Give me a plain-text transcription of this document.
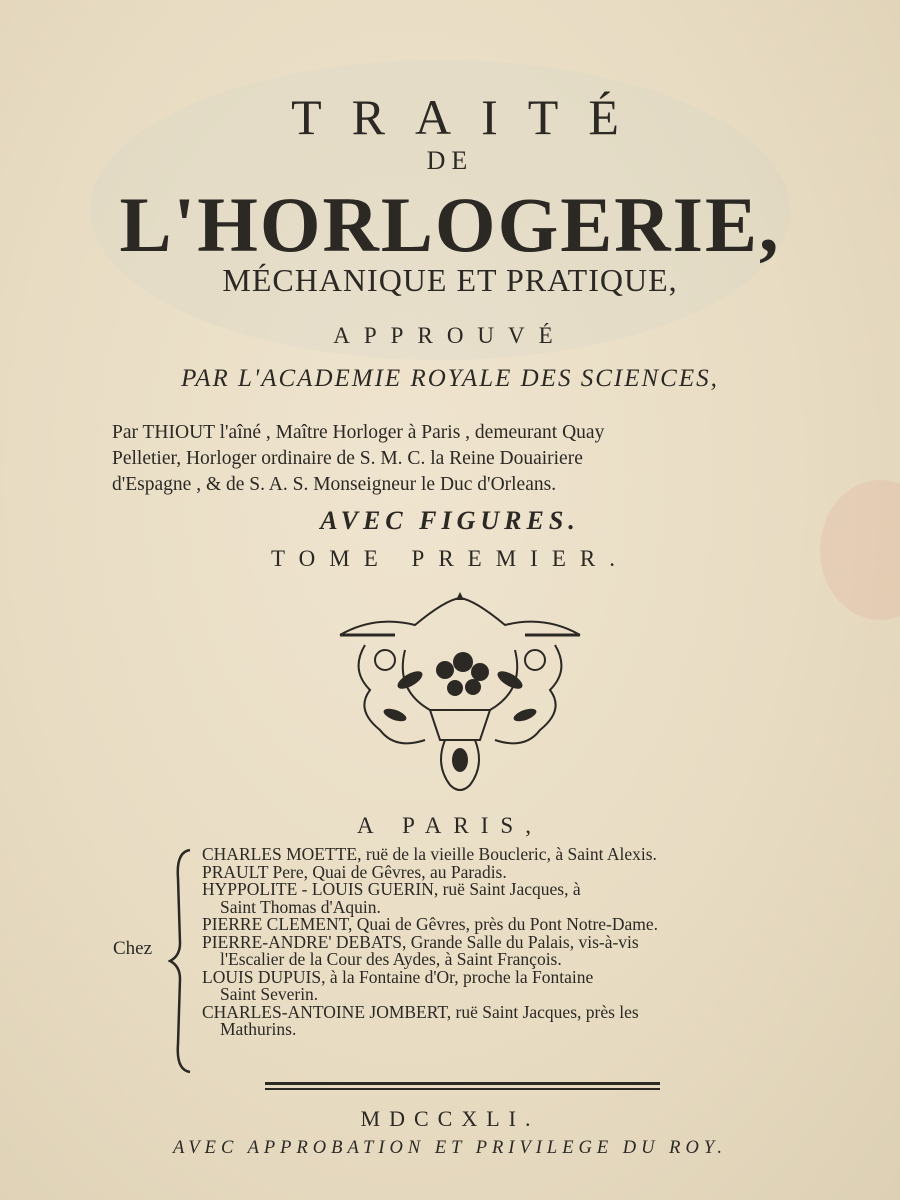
TRAITÉ
DE
L'HORLOGERIE,
MÉCHANIQUE ET PRATIQUE,
APPROUVÉ
PAR L'ACADEMIE ROYALE DES SCIENCES,
Par THIOUT l'aîné , Maître Horloger à Paris , demeurant Quay
Pelletier, Horloger ordinaire de S. M. C. la Reine Douairiere
d'Espagne , & de S. A. S. Monseigneur le Duc d'Orleans.
AVEC FIGURES.
TOME PREMIER.
A PARIS,
Chez
CHARLES MOETTE, ruë de la vieille Boucleric, à Saint Alexis.
PRAULT Pere, Quai de Gêvres, au Paradis.
HYPPOLITE - LOUIS GUERIN, ruë Saint Jacques, à
Saint Thomas d'Aquin.
PIERRE CLEMENT, Quai de Gêvres, près du Pont Notre-Dame.
PIERRE-ANDRE' DEBATS, Grande Salle du Palais, vis-à-vis
l'Escalier de la Cour des Aydes, à Saint François.
LOUIS DUPUIS, à la Fontaine d'Or, proche la Fontaine
Saint Severin.
CHARLES-ANTOINE JOMBERT, ruë Saint Jacques, près les
Mathurins.
MDCCXLI.
AVEC APPROBATION ET PRIVILEGE DU ROY.
